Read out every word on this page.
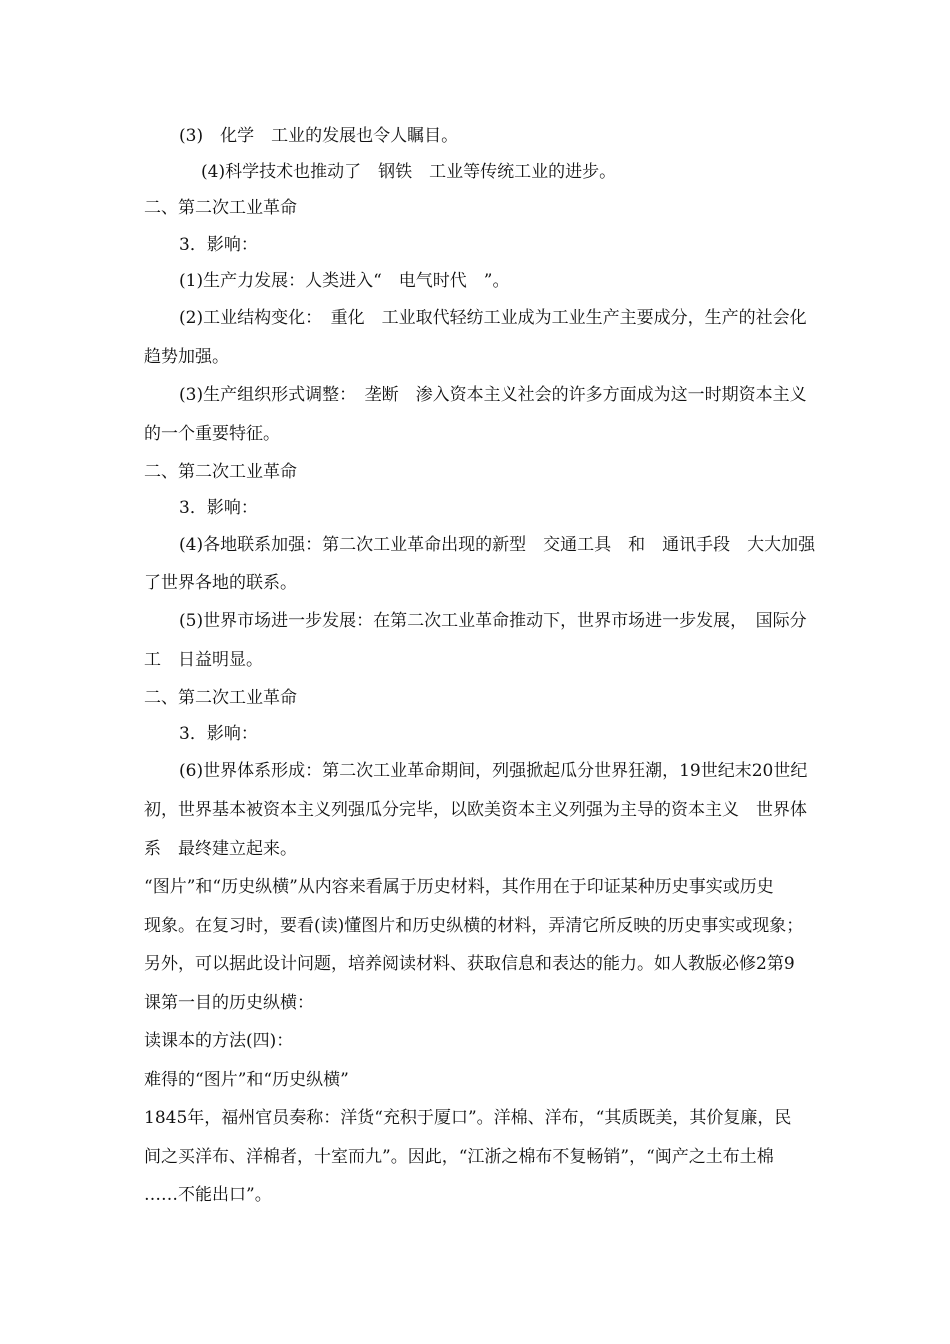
(3)　化学　工业的发展也令人瞩目。
(4)科学技术也推动了　钢铁　工业等传统工业的进步。
二、第二次工业革命
3．影响：
(1)生产力发展：人类进入“　电气时代　”。
(2)工业结构变化：　重化　工业取代轻纺工业成为工业生产主要成分，生产的社会化
趋势加强。
(3)生产组织形式调整：　垄断　渗入资本主义社会的许多方面成为这一时期资本主义
的一个重要特征。
二、第二次工业革命
3．影响：
(4)各地联系加强：第二次工业革命出现的新型　交通工具　和　通讯手段　大大加强
了世界各地的联系。
(5)世界市场进一步发展：在第二次工业革命推动下，世界市场进一步发展，　国际分
工　日益明显。
二、第二次工业革命
3．影响：
(6)世界体系形成：第二次工业革命期间，列强掀起瓜分世界狂潮，19世纪末20世纪
初，世界基本被资本主义列强瓜分完毕，以欧美资本主义列强为主导的资本主义　世界体
系　最终建立起来。
“图片”和“历史纵横”从内容来看属于历史材料，其作用在于印证某种历史事实或历史
现象。在复习时，要看(读)懂图片和历史纵横的材料，弄清它所反映的历史事实或现象；
另外，可以据此设计问题，培养阅读材料、获取信息和表达的能力。如人教版必修2第9
课第一目的历史纵横：
读课本的方法(四)：
难得的“图片”和“历史纵横”
1845年，福州官员奏称：洋货“充积于厦口”。洋棉、洋布，“其质既美，其价复廉，民
间之买洋布、洋棉者，十室而九”。因此，“江浙之棉布不复畅销”，“闽产之土布土棉
……不能出口”。
